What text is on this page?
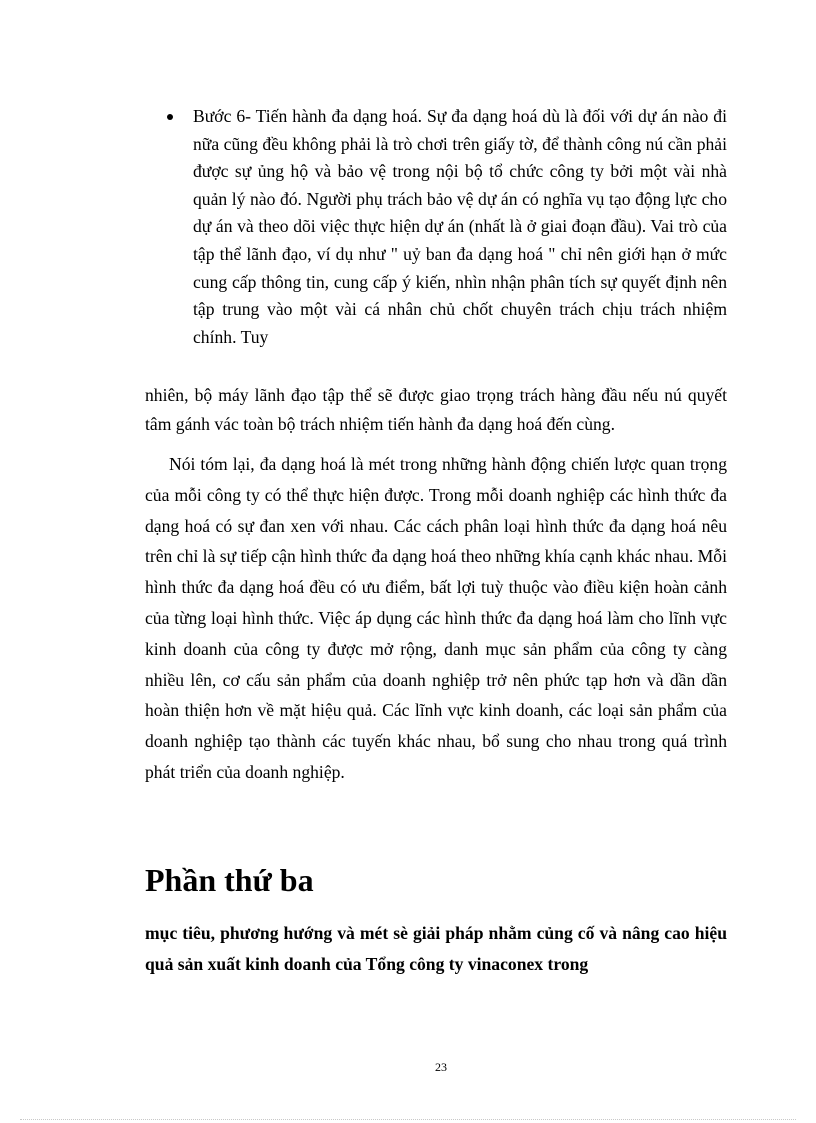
Bước 6- Tiến hành đa dạng hoá. Sự đa dạng hoá dù là đối với dự án nào đi nữa cũng đều không phải là trò chơi trên giấy tờ, để thành công nú cần phải được sự ủng hộ và bảo vệ trong nội bộ tổ chức công ty bởi một vài nhà quản lý nào đó. Người phụ trách bảo vệ dự án có nghĩa vụ tạo động lực cho dự án và theo dõi việc thực hiện dự án (nhất là ở giai đoạn đầu). Vai trò của tập thể lãnh đạo, ví dụ như " uỷ ban đa dạng hoá " chỉ nên giới hạn ở mức cung cấp thông tin, cung cấp ý kiến, nhìn nhận phân tích sự quyết định nên tập trung vào một vài cá nhân chủ chốt chuyên trách chịu trách nhiệm chính. Tuy
nhiên, bộ máy lãnh đạo tập thể sẽ được giao trọng trách hàng đầu nếu nú quyết tâm gánh vác toàn bộ trách nhiệm tiến hành đa dạng hoá đến cùng.
Nói tóm lại, đa dạng hoá là mét trong những hành động chiến lược quan trọng của mỗi công ty có thể thực hiện được. Trong mỗi doanh nghiệp các hình thức đa dạng hoá có sự đan xen với nhau. Các cách phân loại hình thức đa dạng hoá nêu trên chỉ là sự tiếp cận hình thức đa dạng hoá theo những khía cạnh khác nhau. Mỗi hình thức đa dạng hoá đều có ưu điểm, bất lợi tuỳ thuộc vào điều kiện hoàn cảnh của từng loại hình thức. Việc áp dụng các hình thức đa dạng hoá làm cho lĩnh vực kinh doanh của công ty được mở rộng, danh mục sản phẩm của công ty càng nhiều lên, cơ cấu sản phẩm của doanh nghiệp trở nên phức tạp hơn và dần dần hoàn thiện hơn về mặt hiệu quả. Các lĩnh vực kinh doanh, các loại sản phẩm của doanh nghiệp tạo thành các tuyến khác nhau, bổ sung cho nhau trong quá trình phát triển của doanh nghiệp.
Phần thứ ba

mục tiêu, phương hướng và mét sè giải pháp nhằm củng cố và nâng cao hiệu quả sản xuất kinh doanh của Tổng công ty vinaconex trong

23
